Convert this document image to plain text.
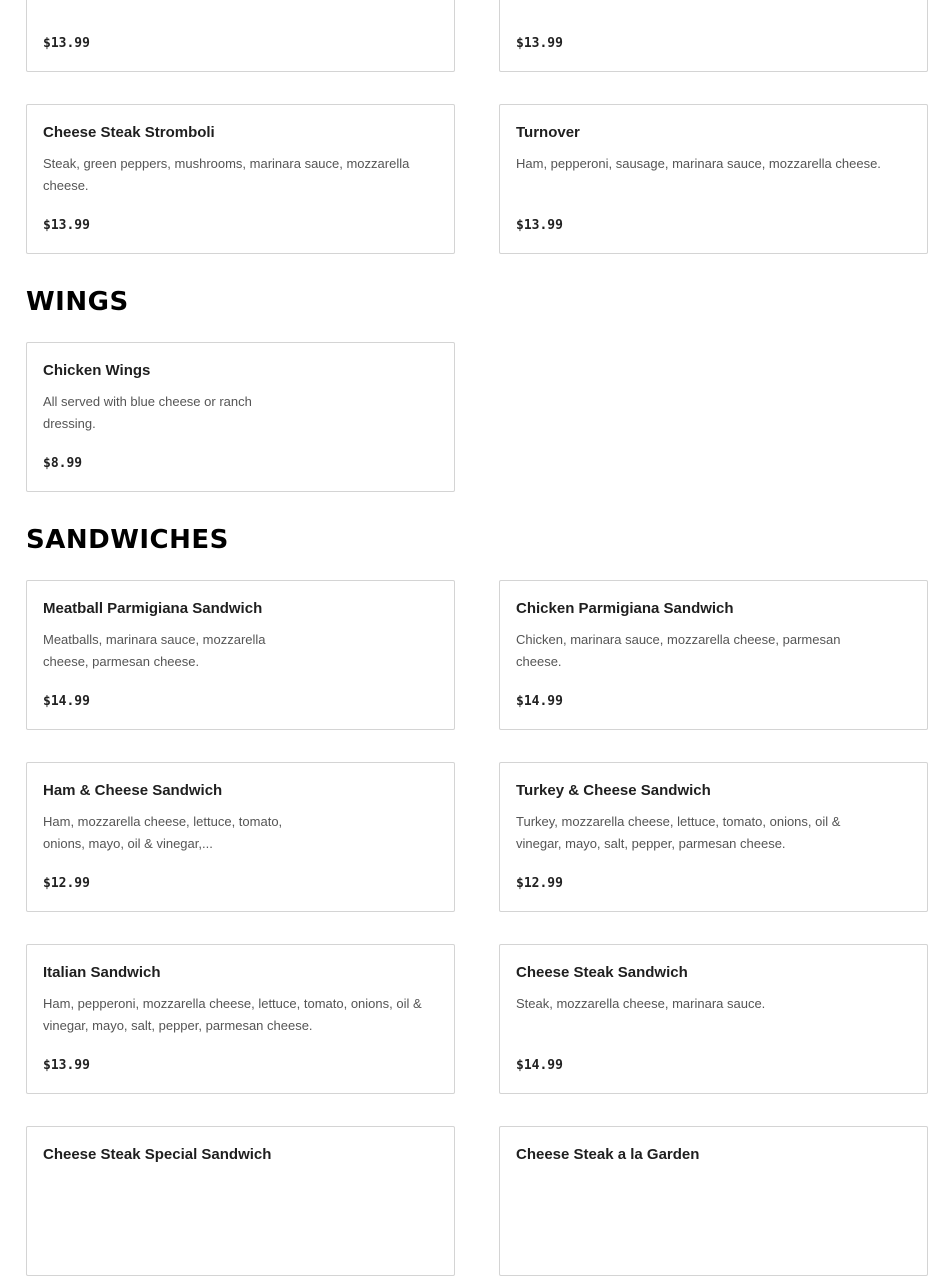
$13.99	$13.99
Cheese Steak Stromboli
Steak, green peppers, mushrooms, marinara sauce, mozzarella cheese.
$13.99
Turnover
Ham, pepperoni, sausage, marinara sauce, mozzarella cheese.
$13.99
WINGS
Chicken Wings
All served with blue cheese or ranch dressing.
$8.99
SANDWICHES
Meatball Parmigiana Sandwich
Meatballs, marinara sauce, mozzarella cheese, parmesan cheese.
$14.99
Chicken Parmigiana Sandwich
Chicken, marinara sauce, mozzarella cheese, parmesan cheese.
$14.99
Ham & Cheese Sandwich
Ham, mozzarella cheese, lettuce, tomato, onions, mayo, oil & vinegar,...
$12.99
Turkey & Cheese Sandwich
Turkey, mozzarella cheese, lettuce, tomato, onions, oil & vinegar, mayo, salt, pepper, parmesan cheese.
$12.99
Italian Sandwich
Ham, pepperoni, mozzarella cheese, lettuce, tomato, onions, oil & vinegar, mayo, salt, pepper, parmesan cheese.
$13.99
Cheese Steak Sandwich
Steak, mozzarella cheese, marinara sauce.
$14.99
Cheese Steak Special Sandwich	Cheese Steak a la Garden
